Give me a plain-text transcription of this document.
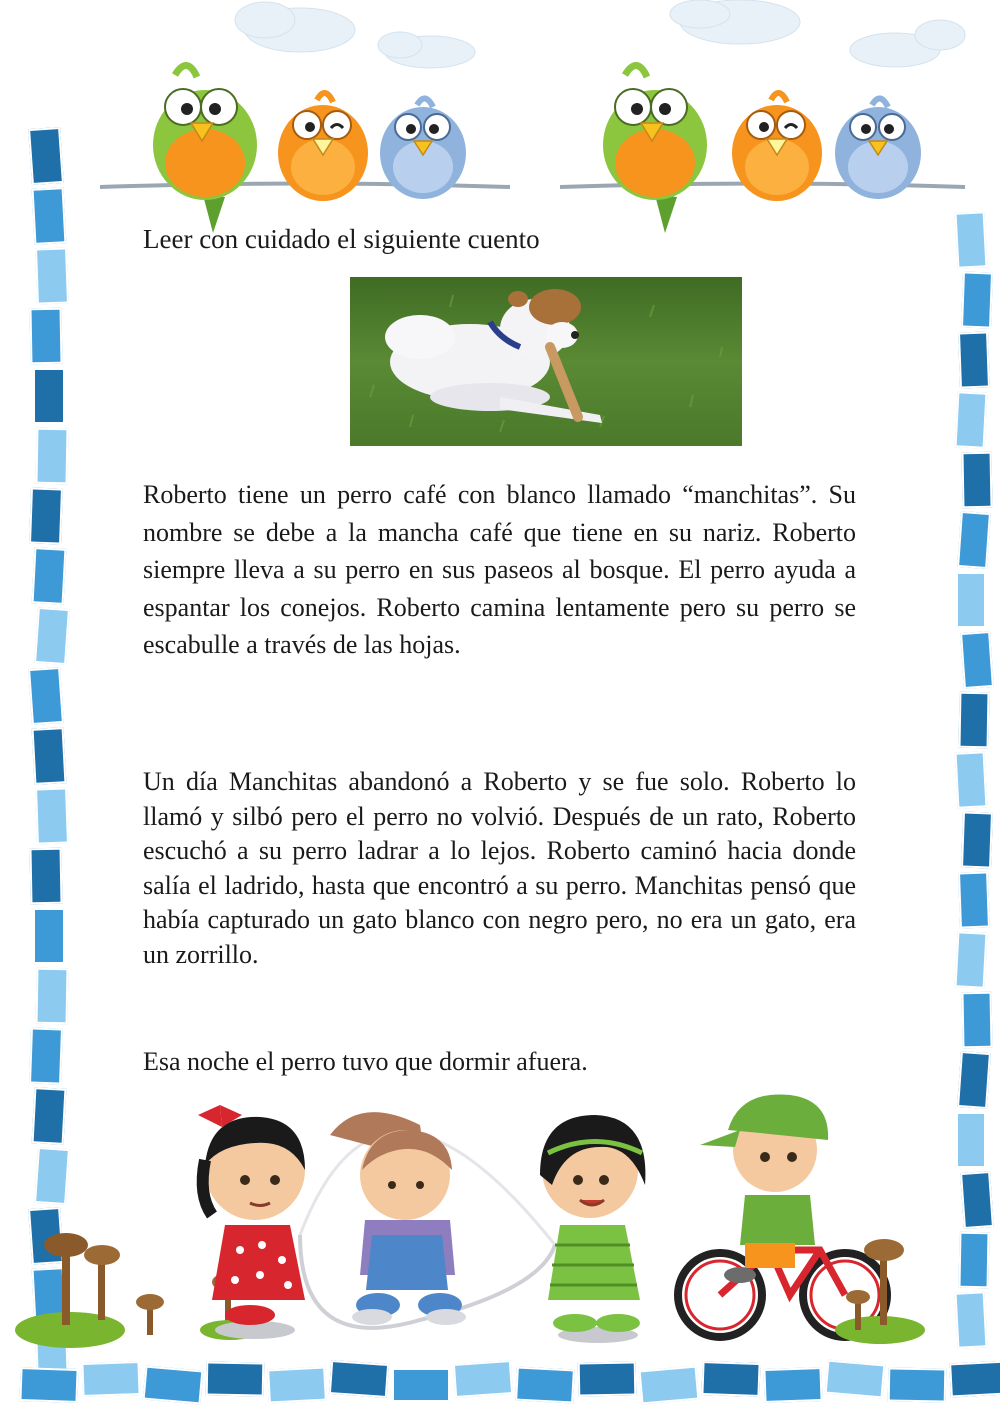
Leer con cuidado el siguiente cuento

Roberto tiene un perro café con blanco llamado “manchitas”. Su nombre se debe a la mancha café que tiene en su nariz. Roberto siempre lleva a su perro en sus paseos al bosque. El perro ayuda a espantar los conejos. Roberto camina lentamente pero su perro se escabulle a través de las hojas.

Un día Manchitas abandonó a Roberto y se fue solo. Roberto lo llamó y silbó pero el perro no volvió. Después de un rato, Roberto escuchó a su perro ladrar a lo lejos. Roberto caminó hacia donde salía el ladrido, hasta que encontró a su perro. Manchitas pensó que había capturado un gato blanco con negro pero, no era un gato, era un zorrillo.

Esa noche el perro tuvo que dormir afuera.
